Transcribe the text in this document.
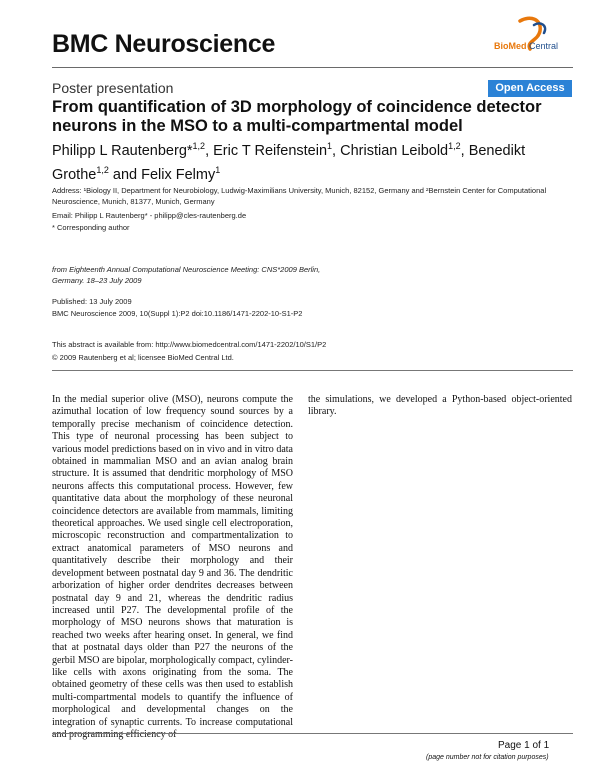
BMC Neuroscience	BioMed Central
Poster presentation	Open Access
From quantification of 3D morphology of coincidence detector neurons in the MSO to a multi-compartmental model
Philipp L Rautenberg*$^{1,2}$, Eric T Reifenstein$^1$, Christian Leibold$^{1,2}$, Benedikt Grothe$^{1,2}$ and Felix Felmy$^1$
Address: ¹Biology II, Department for Neurobiology, Ludwig-Maximilians University, Munich, 82152, Germany and ²Bernstein Center for Computational Neuroscience, Munich, 81377, Munich, Germany
Email: Philipp L Rautenberg* - philipp@cles-rautenberg.de
* Corresponding author
from Eighteenth Annual Computational Neuroscience Meeting: CNS*2009 Berlin, Germany. 18–23 July 2009
Published: 13 July 2009
BMC Neuroscience 2009, 10(Suppl 1):P2 doi:10.1186/1471-2202-10-S1-P2
This abstract is available from: http://www.biomedcentral.com/1471-2202/10/S1/P2
© 2009 Rautenberg et al; licensee BioMed Central Ltd.

In the medial superior olive (MSO), neurons compute the azimuthal location of low frequency sound sources by a temporally precise mechanism of coincidence detection. This type of neuronal processing has been subject to various model predictions based on in vivo and in vitro data obtained in mammalian MSO and an avian analog brain structure. It is assumed that dendritic morphology of MSO neurons affects this computational process. However, few quantitative data about the morphology of these neuronal coincidence detectors are available from mammals, limiting theoretical approaches. We used single cell electroporation, microscopic reconstruction and compartmentalization to extract anatomical parameters of MSO neurons and quantitatively describe their morphology and their development between postnatal day 9 and 36. The dendritic arborization of higher order dendrites decreases between postnatal day 9 and 21, whereas the dendritic radius increased until P27. The developmental profile of the morphology of MSO neurons shows that maturation is reached two weeks after hearing onset. In general, we find that at postnatal days older than P27 the neurons of the gerbil MSO are bipolar, morphologically compact, cylinder-like cells with axons originating from the soma. The obtained geometry of these cells was then used to establish multi-compartmental models to quantify the influence of morphological and developmental changes on the integration of synaptic currents. To increase computational and programming efficiency of

the simulations, we developed a Python-based object-oriented library.

Page 1 of 1
(page number not for citation purposes)
